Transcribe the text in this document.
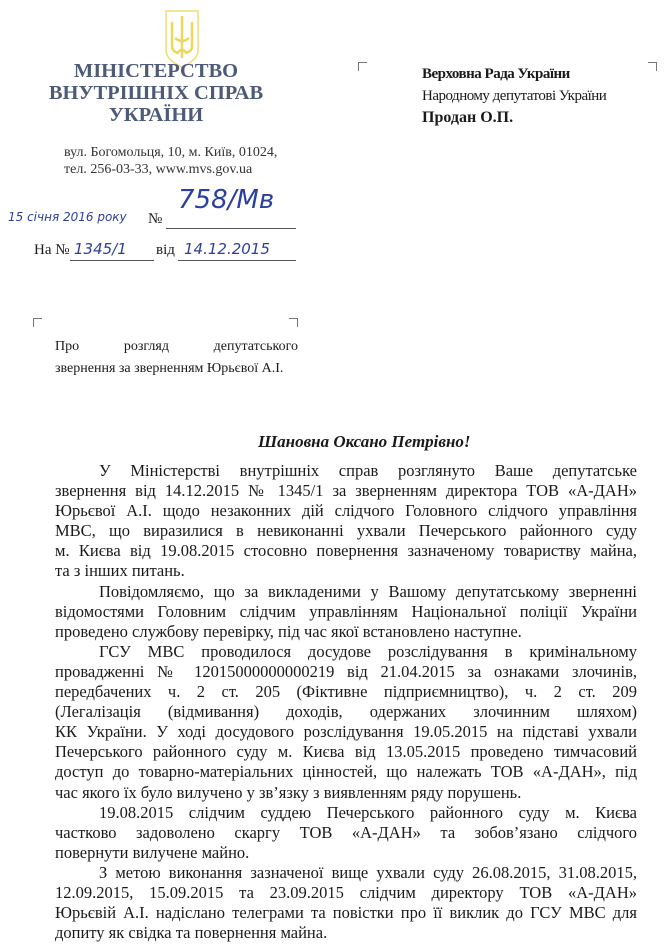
МІНІСТЕРСТВО
ВНУТРІШНІХ СПРАВ
УКРАЇНИ
вул. Богомольця, 10, м. Київ, 01024,
тел. 256-03-33, www.mvs.gov.ua
15 січня 2016 року №
758/Мв
На № 1345/1 від 14.12.2015
Верховна Рада України
Народному депутатові України
Продан О.П.
Про	розгляд	депутатського
звернення за зверненням Юрьєвої А.І.
Шановна Оксано Петрівно!
У Міністерстві внутрішніх справ розглянуто Ваше депутатське
звернення від 14.12.2015 № 1345/1 за зверненням директора ТОВ «А-ДАН»
Юрьєвої А.І. щодо незаконних дій слідчого Головного слідчого управління
МВС, що виразилися в невиконанні ухвали Печерського районного суду
м. Києва від 19.08.2015 стосовно повернення зазначеному товариству майна,
та з інших питань.
Повідомляємо, що за викладеними у Вашому депутатському зверненні
відомостями Головним слідчим управлінням Національної поліції України
проведено службову перевірку, під час якої встановлено наступне.
ГСУ МВС проводилося досудове розслідування в кримінальному
провадженні № 12015000000000219 від 21.04.2015 за ознаками злочинів,
передбачених ч. 2 ст. 205 (Фіктивне підприємництво), ч. 2 ст. 209
(Легалізація (відмивання) доходів, одержаних злочинним шляхом)
КК України. У ході досудового розслідування 19.05.2015 на підставі ухвали
Печерського районного суду м. Києва від 13.05.2015 проведено тимчасовий
доступ до товарно-матеріальних цінностей, що належать ТОВ «А-ДАН», під
час якого їх було вилучено у зв’язку з виявленням ряду порушень.
19.08.2015 слідчим суддею Печерського районного суду м. Києва
частково задоволено скаргу ТОВ «А-ДАН» та зобов’язано слідчого
повернути вилучене майно.
З метою виконання зазначеної вище ухвали суду 26.08.2015, 31.08.2015,
12.09.2015, 15.09.2015 та 23.09.2015 слідчим директору ТОВ «А-ДАН»
Юрьєвій А.І. надіслано телеграми та повістки про її виклик до ГСУ МВС для
допиту як свідка та повернення майна.
